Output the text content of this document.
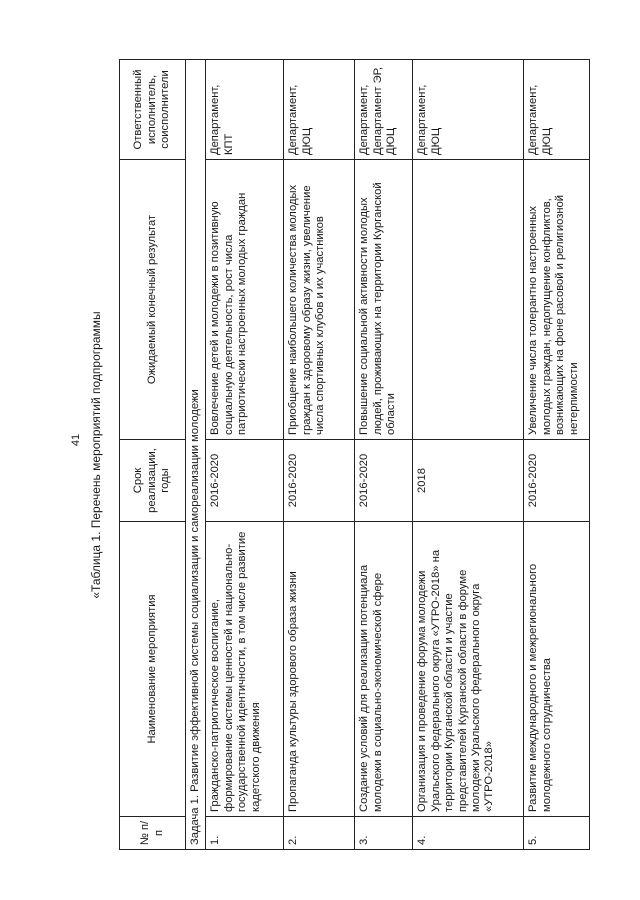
41 «Таблица 1. Перечень мероприятий подпрограммы
№ п/п	Наименование мероприятия	Срок реализации, годы	Ожидаемый конечный результат	Ответственный исполнитель, соисполнители
Задача 1. Развитие эффективной системы социализации и самореализации молодежи				
1.	Гражданско-патриотическое воспитание, формирование системы ценностей и национально-государственной идентичности, в том числе развитие кадетского движения	2016-2020	Вовлечение детей и молодежи в позитивную социальную деятельность, рост числа патриотически настроенных молодых граждан	Департамент, КПТ
2.	Пропаганда культуры здорового образа жизни	2016-2020	Приобщение наибольшего количества молодых граждан к здоровому образу жизни, увеличение числа спортивных клубов и их участников	Департамент, ДЮЦ
3.	Создание условий для реализации потенциала молодежи в социально-экономической сфере	2016-2020	Повышение социальной активности молодых людей, проживающих на территории Курганской области	Департамент, Департамент ЭР, ДЮЦ
4.	Организация и проведение форума молодежи Уральского федерального округа «УТРО-2018» на территории Курганской области и участие представителей Курганской области в форуме молодежи Уральского федерального округа «УТРО-2018»	2018		Департамент, ДЮЦ
5.	Развитие международного и межрегионального молодежного сотрудничества	2016-2020	Увеличение числа толерантно настроенных молодых граждан, недопущение конфликтов, возникающих на фоне расовой и религиозной нетерпимости	Департамент, ДЮЦ
